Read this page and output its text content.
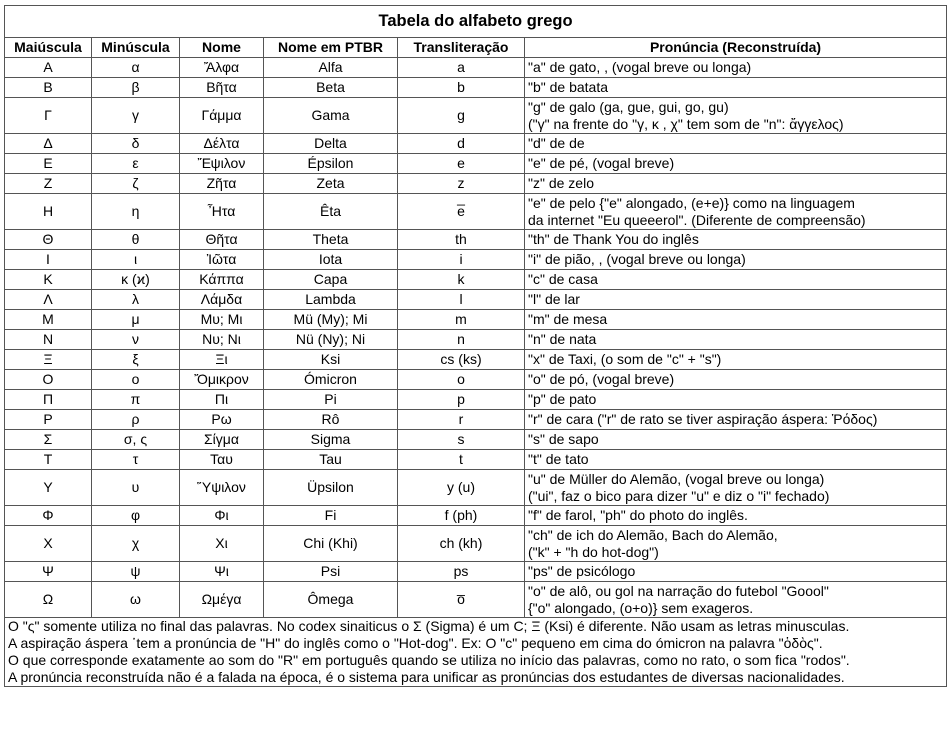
Tabela do alfabeto grego					
Maiúscula	Minúscula	Nome	Nome em PTBR	Transliteração	Pronúncia (Reconstruída)
Α	α	Ἄλφα	Alfa	a	"a" de gato, , (vogal breve ou longa)

Β	β	Βῆτα	Beta	b	"b" de batata

Γ	γ	Γάμμα	Gama	g	"g" de galo (ga, gue, gui, go, gu)
("γ" na frente do "γ, κ , χ" tem som de "n": ἄγγελος)

Δ	δ	Δέλτα	Delta	d	"d" de de

Ε	ε	Ἔψιλον	Épsilon	e	"e" de pé, (vogal breve)

Ζ	ζ	Ζῆτα	Zeta	z	"z" de zelo

Η	η	Ἦτα	Êta	e̅	"e" de pelo {"e" alongado, (e+e)} como na linguagem
da internet "Eu queeerol". (Diferente de compreensão)

Θ	θ	Θῆτα	Theta	th	"th" de Thank You do inglês

Ι	ι	Ἰῶτα	Iota	i	"i" de pião, , (vogal breve ou longa)

Κ	κ (ϰ)	Κάππα	Capa	k	"c" de casa

Λ	λ	Λάμδα	Lambda	l	"l" de lar

Μ	μ	Μυ; Μι	Mü (My); Mi	m	"m" de mesa

Ν	ν	Νυ; Νι	Nü (Ny); Ni	n	"n" de nata

Ξ	ξ	Ξι	Ksi	cs (ks)	"x" de Taxi, (o som de "c" + "s")

Ο	ο	Ὄμικρον	Ómicron	o	"o" de pó, (vogal breve)

Π	π	Πι	Pi	p	"p" de pato

Ρ	ρ	Ρω	Rô	r	"r" de cara ("r" de rato se tiver aspiração áspera: Ῥόδος)

Σ	σ, ς	Σίγμα	Sigma	s	"s" de sapo

Τ	τ	Ταυ	Tau	t	"t" de tato

Υ	υ	Ὕψιλον	Üpsilon	y (u)	"u" de Müller do Alemão, (vogal breve ou longa)
("ui", faz o bico para dizer "u" e diz o "i" fechado)

Φ	φ	Φι	Fi	f (ph)	"f" de farol, "ph" do photo do inglês.

Χ	χ	Χι	Chi (Khi)	ch (kh)	"ch" de ich do Alemão, Bach do Alemão,
("k" + "h do hot-dog")

Ψ	ψ	Ψι	Psi	ps	"ps" de psicólogo

Ω	ω	Ωμέγα	Ômega	o̅	"o" de alô, ou gol na narração do futebol "Goool"
{"o" alongado, (o+o)} sem exageros.

O "ς" somente utiliza no final das palavras. No codex sinaiticus o Σ (Sigma) é um C; Ξ (Ksi) é diferente. Não usam as letras minusculas.
A aspiração áspera ῾tem a pronúncia de "H" do inglês como o "Hot-dog". Ex: O "c" pequeno em cima do ómicron na palavra "ὁδὸς".
O que corresponde exatamente ao som do "R" em português quando se utiliza no início das palavras, como no rato, o som fica "rodos".
A pronúncia reconstruída não é a falada na época, é o sistema para unificar as pronúncias dos estudantes de diversas nacionalidades.					
